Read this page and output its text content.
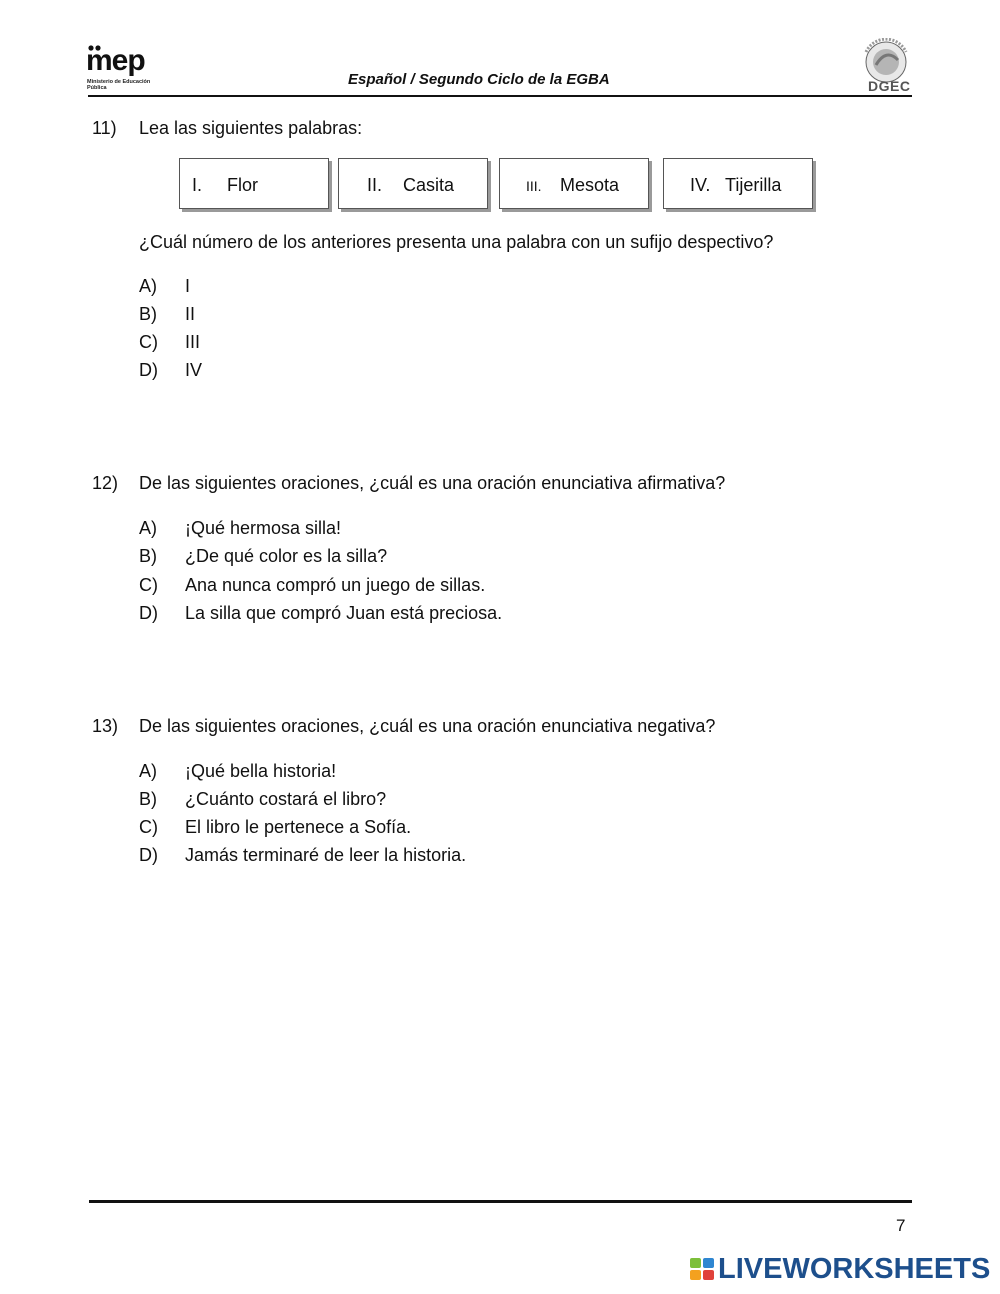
mep
Ministerio de Educación Pública	Español / Segundo Ciclo de la EGBA	DGEC
11) Lea las siguientes palabras:
I. Flor	II. Casita	III. Mesota	IV. Tijerilla
¿Cuál número de los anteriores presenta una palabra con un sufijo despectivo?
A) I
B) II
C) III
D) IV
12) De las siguientes oraciones, ¿cuál es una oración enunciativa afirmativa?
A) ¡Qué hermosa silla!
B) ¿De qué color es la silla?
C) Ana nunca compró un juego de sillas.
D) La silla que compró Juan está preciosa.
13) De las siguientes oraciones, ¿cuál es una oración enunciativa negativa?
A) ¡Qué bella historia!
B) ¿Cuánto costará el libro?
C) El libro le pertenece a Sofía.
D) Jamás terminaré de leer la historia.
7
LIVEWORKSHEETS
